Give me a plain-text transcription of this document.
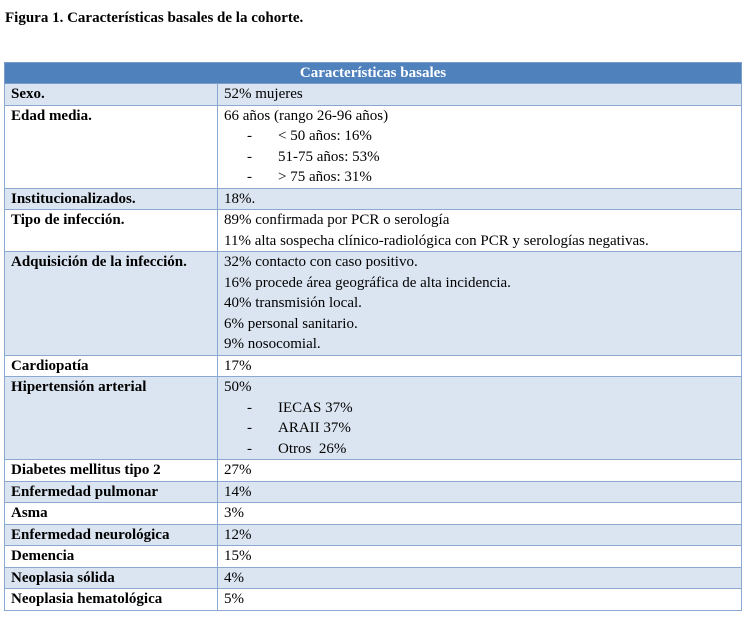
Figura 1. Características basales de la cohorte.
Características basales	
Sexo.	52% mujeres

Edad media.	66 años (rango 26-96 años)
- < 50 años: 16%
- 51-75 años: 53%
- > 75 años: 31%

Institucionalizados.	18%.

Tipo de infección.	89% confirmada por PCR o serología
11% alta sospecha clínico-radiológica con PCR y serologías negativas.

Adquisición de la infección.	32% contacto con caso positivo.
16% procede área geográfica de alta incidencia.
40% transmisión local.
6% personal sanitario.
9% nosocomial.

Cardiopatía	17%

Hipertensión arterial	50%
- IECAS 37%
- ARAII 37%
- Otros  26%

Diabetes mellitus tipo 2	27%

Enfermedad pulmonar	14%

Asma	3%

Enfermedad neurológica	12%

Demencia	15%

Neoplasia sólida	4%

Neoplasia hematológica	5%
